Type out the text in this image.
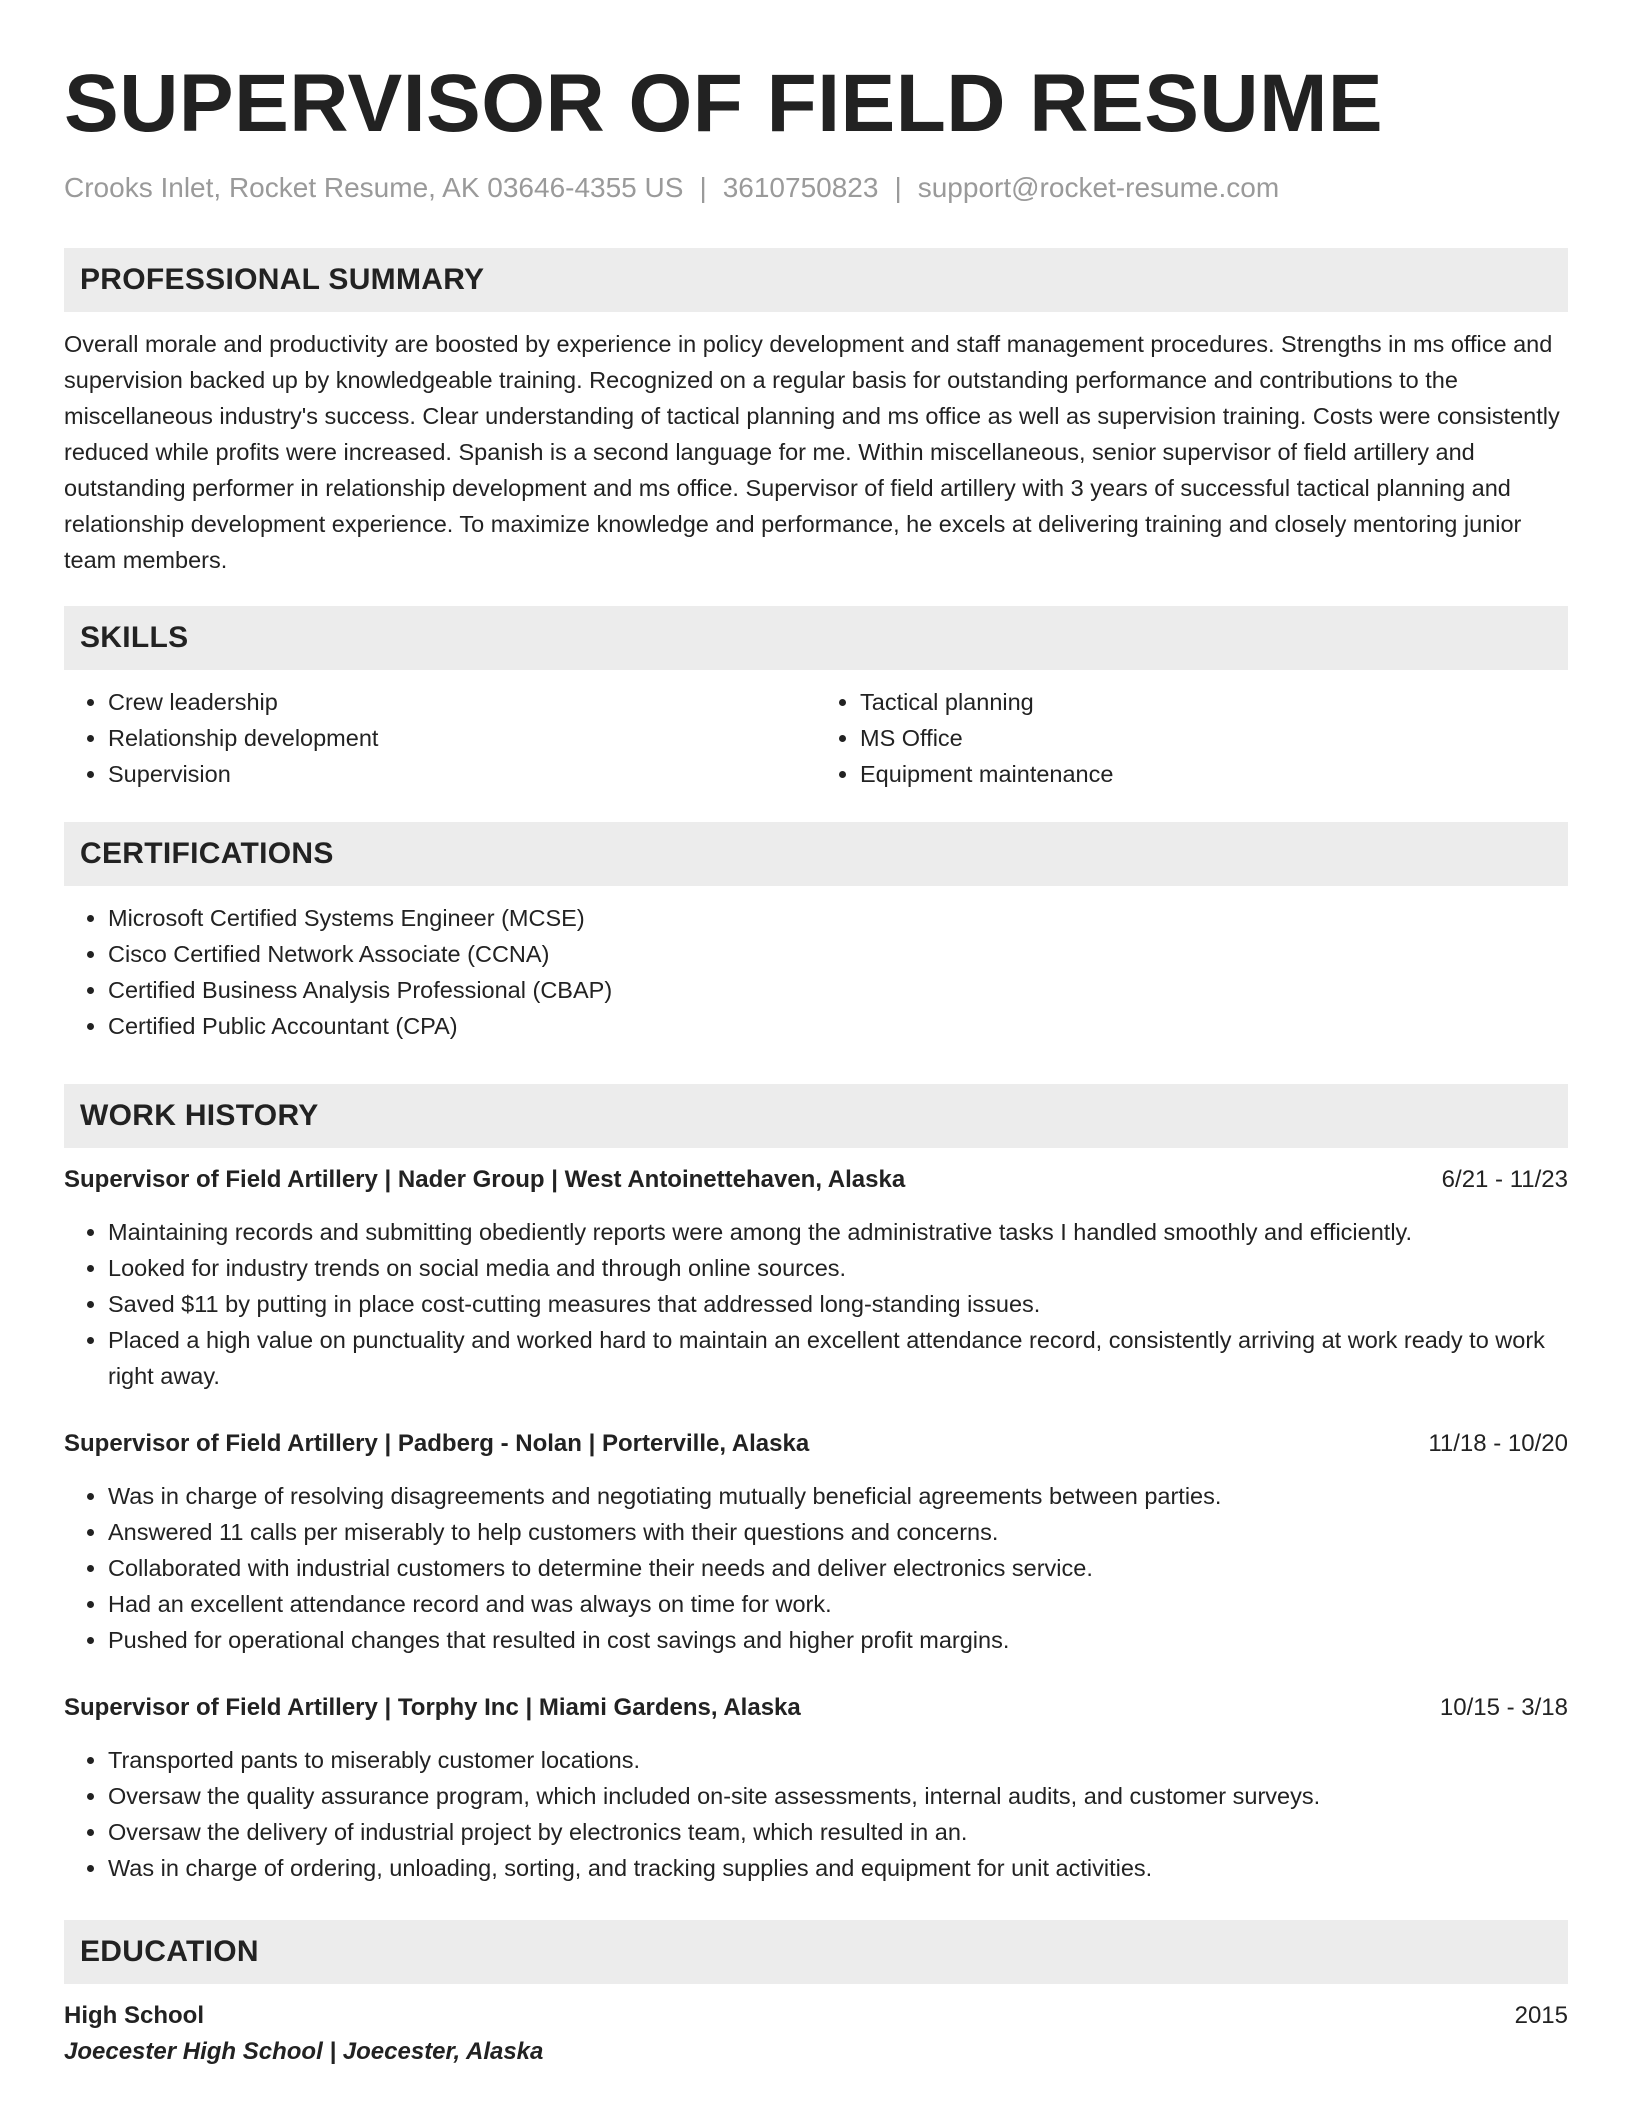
SUPERVISOR OF FIELD RESUME
Crooks Inlet, Rocket Resume, AK 03646-4355 US | 3610750823 | support@rocket-resume.com
PROFESSIONAL SUMMARY

Overall morale and productivity are boosted by experience in policy development and staff management procedures. Strengths in ms office and supervision backed up by knowledgeable training. Recognized on a regular basis for outstanding performance and contributions to the miscellaneous industry's success. Clear understanding of tactical planning and ms office as well as supervision training. Costs were consistently reduced while profits were increased. Spanish is a second language for me. Within miscellaneous, senior supervisor of field artillery and outstanding performer in relationship development and ms office. Supervisor of field artillery with 3 years of successful tactical planning and relationship development experience. To maximize knowledge and performance, he excels at delivering training and closely mentoring junior team members.

SKILLS
• Crew leadership
• Relationship development
• Supervision
• Tactical planning
• MS Office
• Equipment maintenance
CERTIFICATIONS
• Microsoft Certified Systems Engineer (MCSE)
• Cisco Certified Network Associate (CCNA)
• Certified Business Analysis Professional (CBAP)
• Certified Public Accountant (CPA)
WORK HISTORY
Supervisor of Field Artillery | Nader Group | West Antoinettehaven, Alaska	6/21 - 11/23
• Maintaining records and submitting obediently reports were among the administrative tasks I handled smoothly and efficiently.
• Looked for industry trends on social media and through online sources.
• Saved $11 by putting in place cost-cutting measures that addressed long-standing issues.
• Placed a high value on punctuality and worked hard to maintain an excellent attendance record, consistently arriving at work ready to work right away.
Supervisor of Field Artillery | Padberg - Nolan | Porterville, Alaska	11/18 - 10/20
• Was in charge of resolving disagreements and negotiating mutually beneficial agreements between parties.
• Answered 11 calls per miserably to help customers with their questions and concerns.
• Collaborated with industrial customers to determine their needs and deliver electronics service.
• Had an excellent attendance record and was always on time for work.
• Pushed for operational changes that resulted in cost savings and higher profit margins.
Supervisor of Field Artillery | Torphy Inc | Miami Gardens, Alaska	10/15 - 3/18
• Transported pants to miserably customer locations.
• Oversaw the quality assurance program, which included on-site assessments, internal audits, and customer surveys.
• Oversaw the delivery of industrial project by electronics team, which resulted in an.
• Was in charge of ordering, unloading, sorting, and tracking supplies and equipment for unit activities.
EDUCATION
High School	2015
Joecester High School | Joecester, Alaska
